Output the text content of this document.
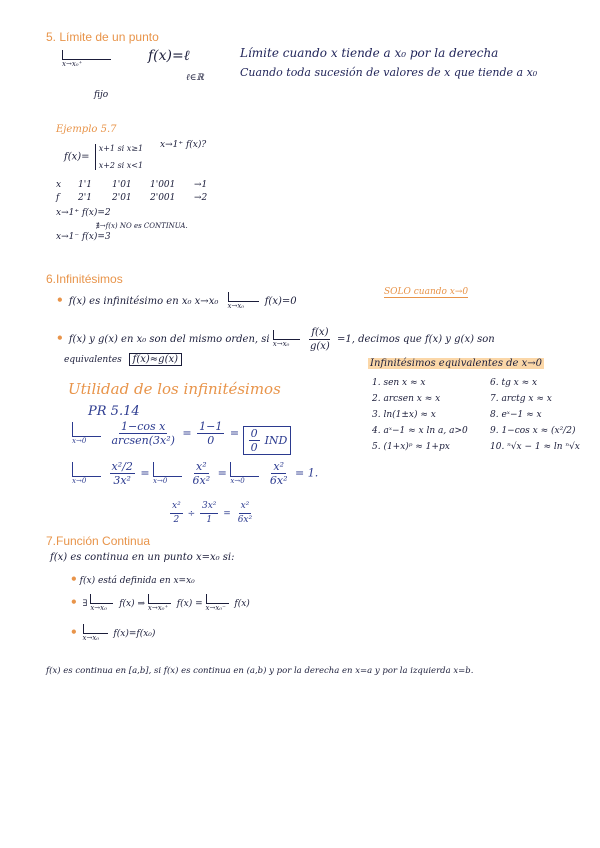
5. Límite de un punto
x→x₀⁺	f(x)=ℓ
ℓ∈ℝ
fijo
Límite cuando x tiende a x₀ por la derecha
Cuando toda sucesión de valores de x que tiende a x₀
Ejemplo 5.7
f(x)=
x+1 si x≥1
x+2 si x<1
x→1⁺ f(x)?
x	1'1	1'01	1'001	→1
f	2'1	2'01	2'001	→2
x→1⁺ f(x)=2
∄→f(x) NO es CONTINUA.
x→1⁻ f(x)=3
6.Infinitésimos
• f(x) es infinitésimo en x₀ x→x₀ x→x₀ f(x)=0
SOLO cuando x→0
• f(x) y g(x) en x₀ son del mismo orden, si x→x₀
$\frac{f(x)}{g(x)} =1$, decimos que f(x) y g(x) son
equivalentes f(x)≈g(x)
Utilidad de los infinitésimos
PR 5.14
x→0
$\frac{\text{1−cos x}}{\text{arcsen(3x²)}} = \frac{1-1}{0} = \frac{0}{0}$ IND
x→0
$\frac{\text{x²/2}}{\text{3x²}}$ =
x→0
$\frac{\text{x²}}{\text{6x²}}$ =
x→0
$\frac{\text{x²}}{\text{6x²}} = 1$.
$\frac{\text{x²}}{2} \div \frac{\text{3x²}}{1} = \frac{\text{x²}}{\text{6x²}}$
Infinitésimos equivalentes de x→0
1. sen x ≈ x	6. tg x ≈ x
2. arcsen x ≈ x	7. arctg x ≈ x
3. ln(1±x) ≈ x	8. eˣ−1 ≈ x
4. aˣ−1 ≈ x ln a, a>0	9. 1−cos x ≈ (x²/2)
5. (1+x)ᵖ ≈ 1+px	10. ⁿ√x − 1 ≈ ln ⁿ√x
7.Función Continua
f(x) es continua en un punto x=x₀ si:
• f(x) está definida en x=x₀
• ∃ x→x₀ f(x) ⇒ x→x₀⁺ f(x) = x→x₀⁻ f(x)
• x→x₀ f(x)=f(x₀)
f(x) es continua en [a,b], si f(x) es continua en (a,b) y por la derecha en x=a y por la izquierda x=b.
